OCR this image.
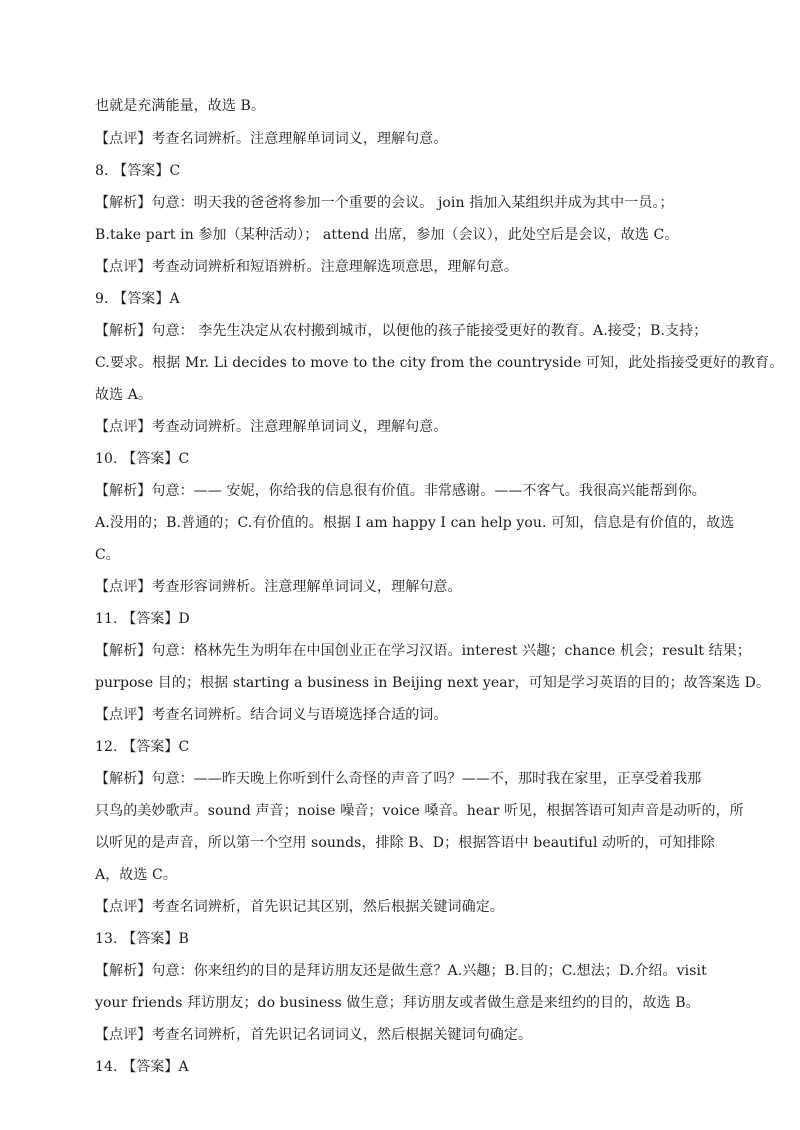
也就是充满能量，故选 B。
【点评】考查名词辨析。注意理解单词词义，理解句意。
8. 【答案】C
【解析】句意：明天我的爸爸将参加一个重要的会议。 join 指加入某组织并成为其中一员。；
B.take part in 参加（某种活动）； attend 出席，参加（会议），此处空后是会议，故选 C。
【点评】考查动词辨析和短语辨析。注意理解选项意思，理解句意。
9. 【答案】A
【解析】句意： 李先生决定从农村搬到城市，以便他的孩子能接受更好的教育。A.接受；B.支持；
C.要求。根据 Mr. Li decides to move to the city from the countryside 可知，此处指接受更好的教育。
故选 A。
【点评】考查动词辨析。注意理解单词词义，理解句意。
10. 【答案】C
【解析】句意：—— 安妮，你给我的信息很有价值。非常感谢。——不客气。我很高兴能帮到你。
A.没用的；B.普通的；C.有价值的。根据 I am happy I can help you. 可知，信息是有价值的，故选
C。
【点评】考查形容词辨析。注意理解单词词义，理解句意。
11. 【答案】D
【解析】句意：格林先生为明年在中国创业正在学习汉语。interest 兴趣；chance 机会；result 结果；
purpose 目的；根据 starting a business in Beijing next year，可知是学习英语的目的；故答案选 D。
【点评】考查名词辨析。结合词义与语境选择合适的词。
12. 【答案】C
【解析】句意：——昨天晚上你听到什么奇怪的声音了吗？——不，那时我在家里，正享受着我那
只鸟的美妙歌声。sound 声音；noise 噪音；voice 嗓音。hear 听见，根据答语可知声音是动听的，所
以听见的是声音，所以第一个空用 sounds，排除 B、D；根据答语中 beautiful 动听的，可知排除
A，故选 C。
【点评】考查名词辨析，首先识记其区别，然后根据关键词确定。
13. 【答案】B
【解析】句意：你来纽约的目的是拜访朋友还是做生意？A.兴趣；B.目的；C.想法；D.介绍。visit
your friends 拜访朋友；do business 做生意；拜访朋友或者做生意是来纽约的目的，故选 B。
【点评】考查名词辨析，首先识记名词词义，然后根据关键词句确定。
14. 【答案】A
